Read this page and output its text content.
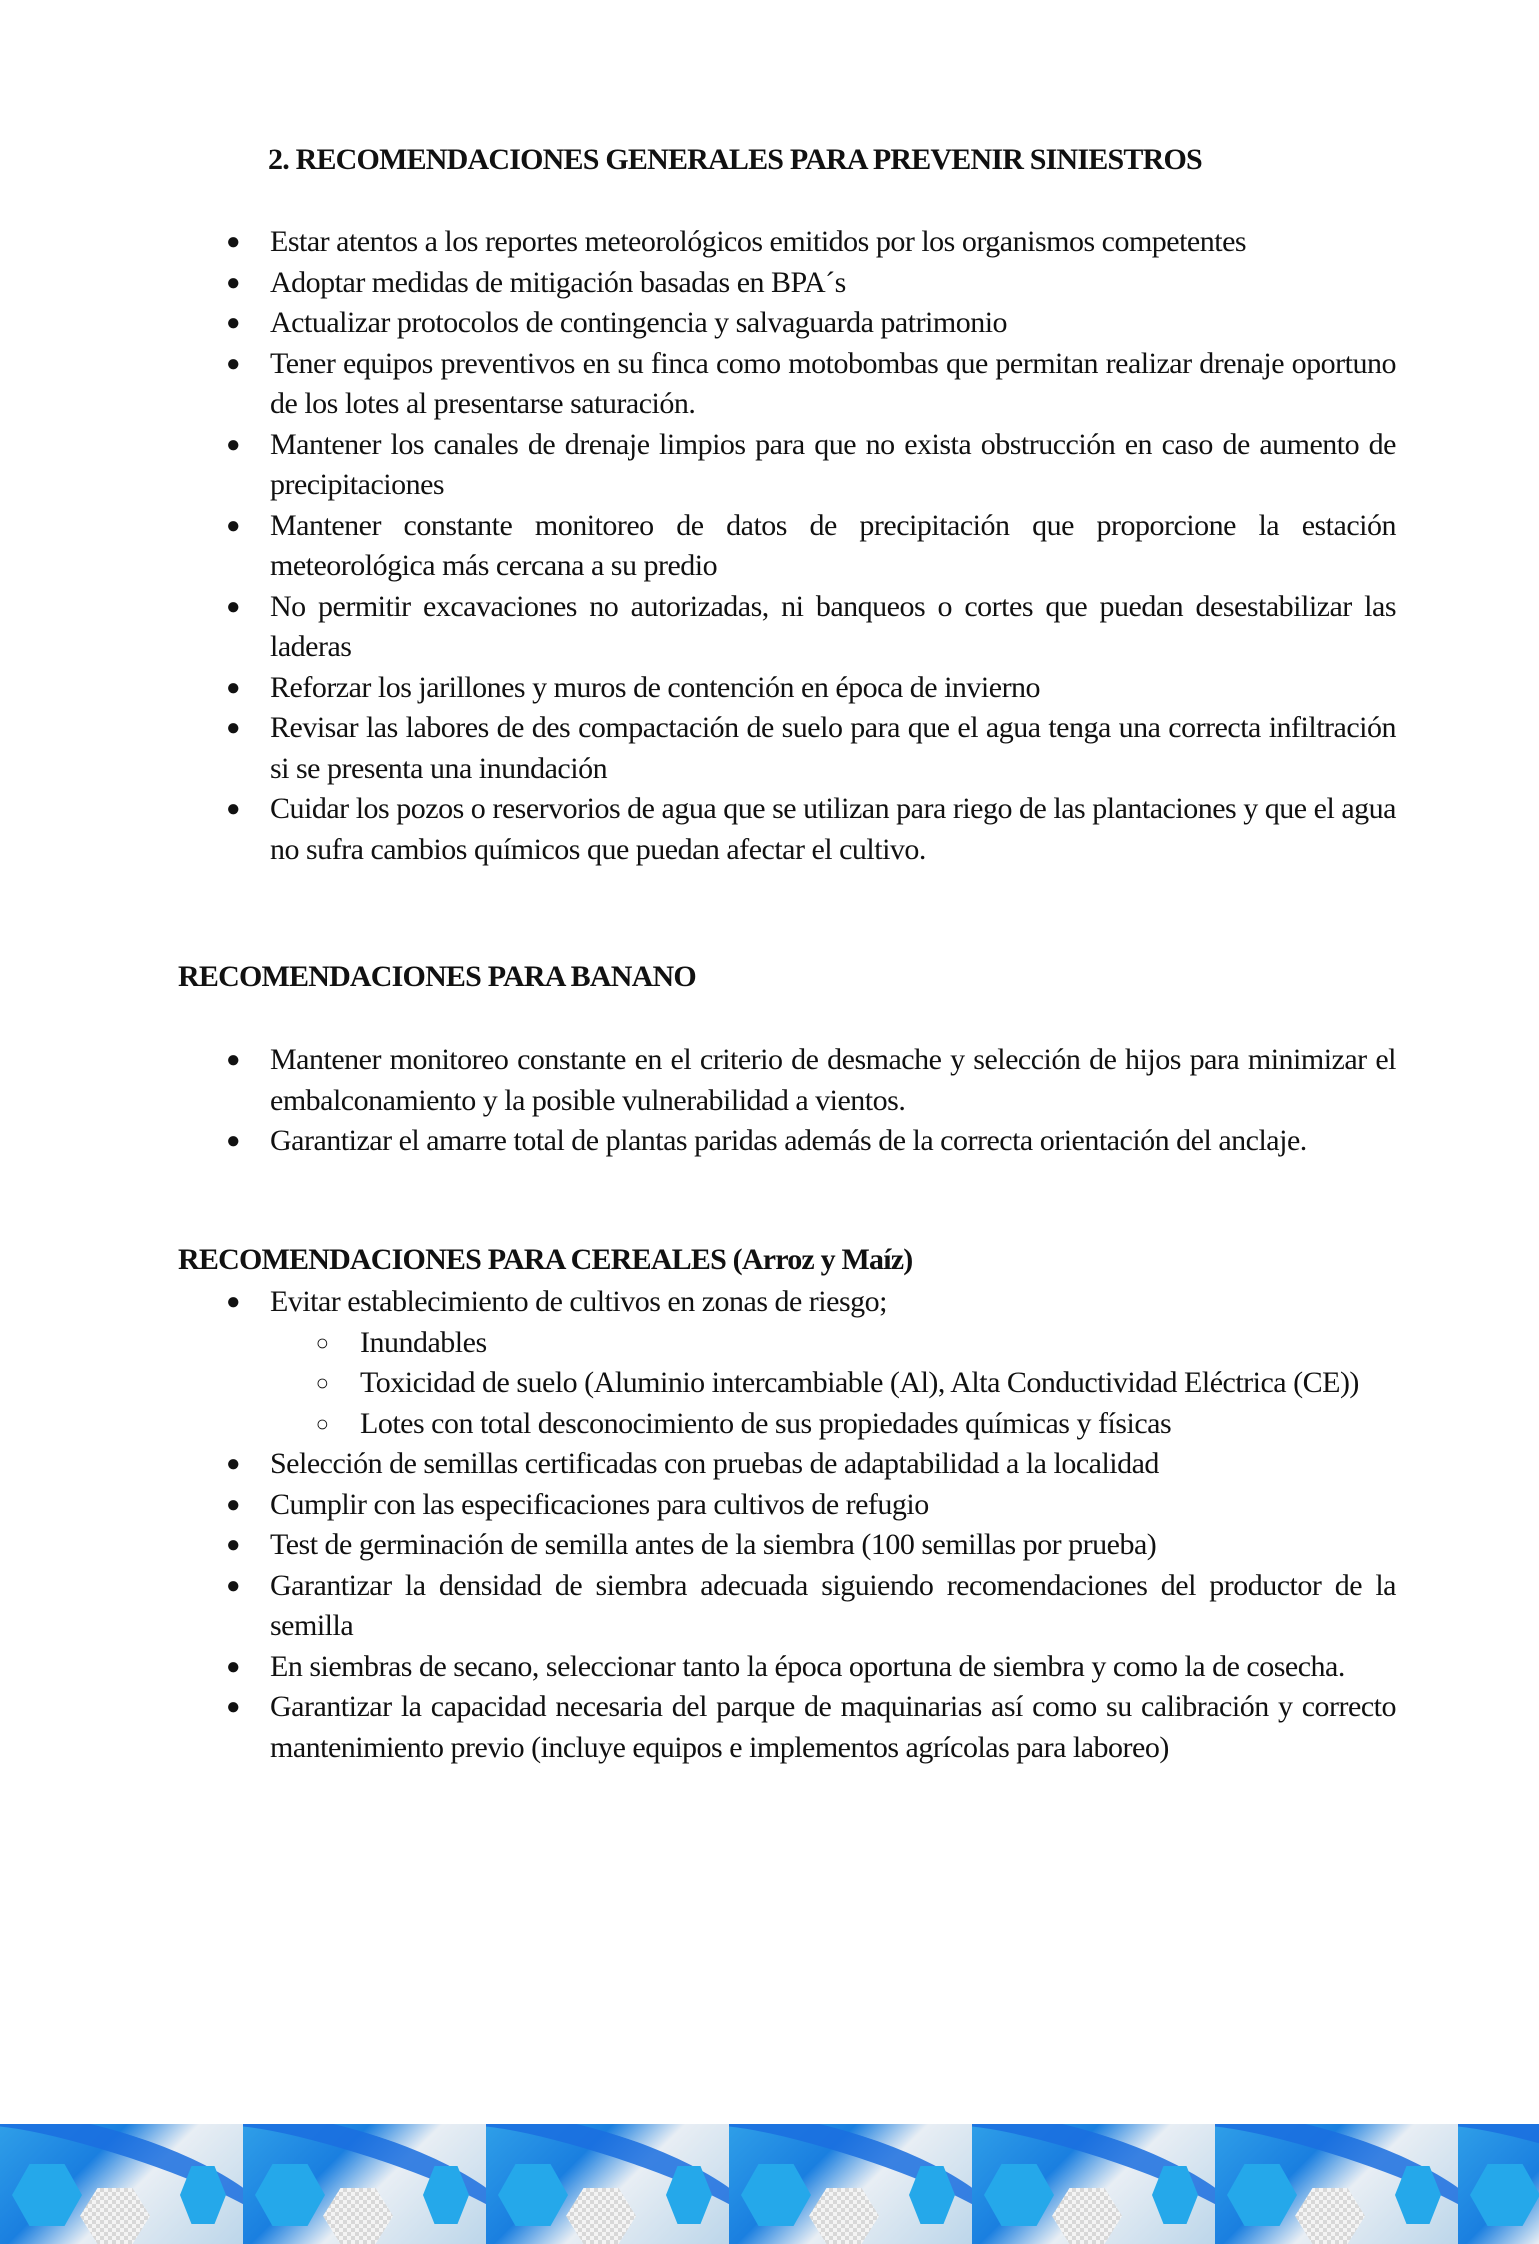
2. RECOMENDACIONES GENERALES PARA PREVENIR SINIESTROS
● Estar atentos a los reportes meteorológicos emitidos por los organismos competentes
● Adoptar medidas de mitigación basadas en BPA´s
● Actualizar protocolos de contingencia y salvaguarda patrimonio
● Tener equipos preventivos en su finca como motobombas que permitan realizar drenaje oportuno de los lotes al presentarse saturación.
● Mantener los canales de drenaje limpios para que no exista obstrucción en caso de aumento de precipitaciones
● Mantener constante monitoreo de datos de precipitación que proporcione la estación meteorológica más cercana a su predio
● No permitir excavaciones no autorizadas, ni banqueos o cortes que puedan desestabilizar las laderas
● Reforzar los jarillones y muros de contención en época de invierno
● Revisar las labores de des compactación de suelo para que el agua tenga una correcta infiltración si se presenta una inundación
● Cuidar los pozos o reservorios de agua que se utilizan para riego de las plantaciones y que el agua no sufra cambios químicos que puedan afectar el cultivo.
RECOMENDACIONES PARA BANANO
● Mantener monitoreo constante en el criterio de desmache y selección de hijos para minimizar el embalconamiento y la posible vulnerabilidad a vientos.
● Garantizar el amarre total de plantas paridas además de la correcta orientación del anclaje.
RECOMENDACIONES PARA CEREALES (Arroz y Maíz)
● Evitar establecimiento de cultivos en zonas de riesgo;
○ Inundables
○ Toxicidad de suelo (Aluminio intercambiable (Al), Alta Conductividad Eléctrica (CE))
○ Lotes con total desconocimiento de sus propiedades químicas y físicas
● Selección de semillas certificadas con pruebas de adaptabilidad a la localidad
● Cumplir con las especificaciones para cultivos de refugio
● Test de germinación de semilla antes de la siembra (100 semillas por prueba)
● Garantizar la densidad de siembra adecuada siguiendo recomendaciones del productor de la semilla
● En siembras de secano, seleccionar tanto la época oportuna de siembra y como la de cosecha.
● Garantizar la capacidad necesaria del parque de maquinarias así como su calibración y correcto mantenimiento previo (incluye equipos e implementos agrícolas para laboreo)
